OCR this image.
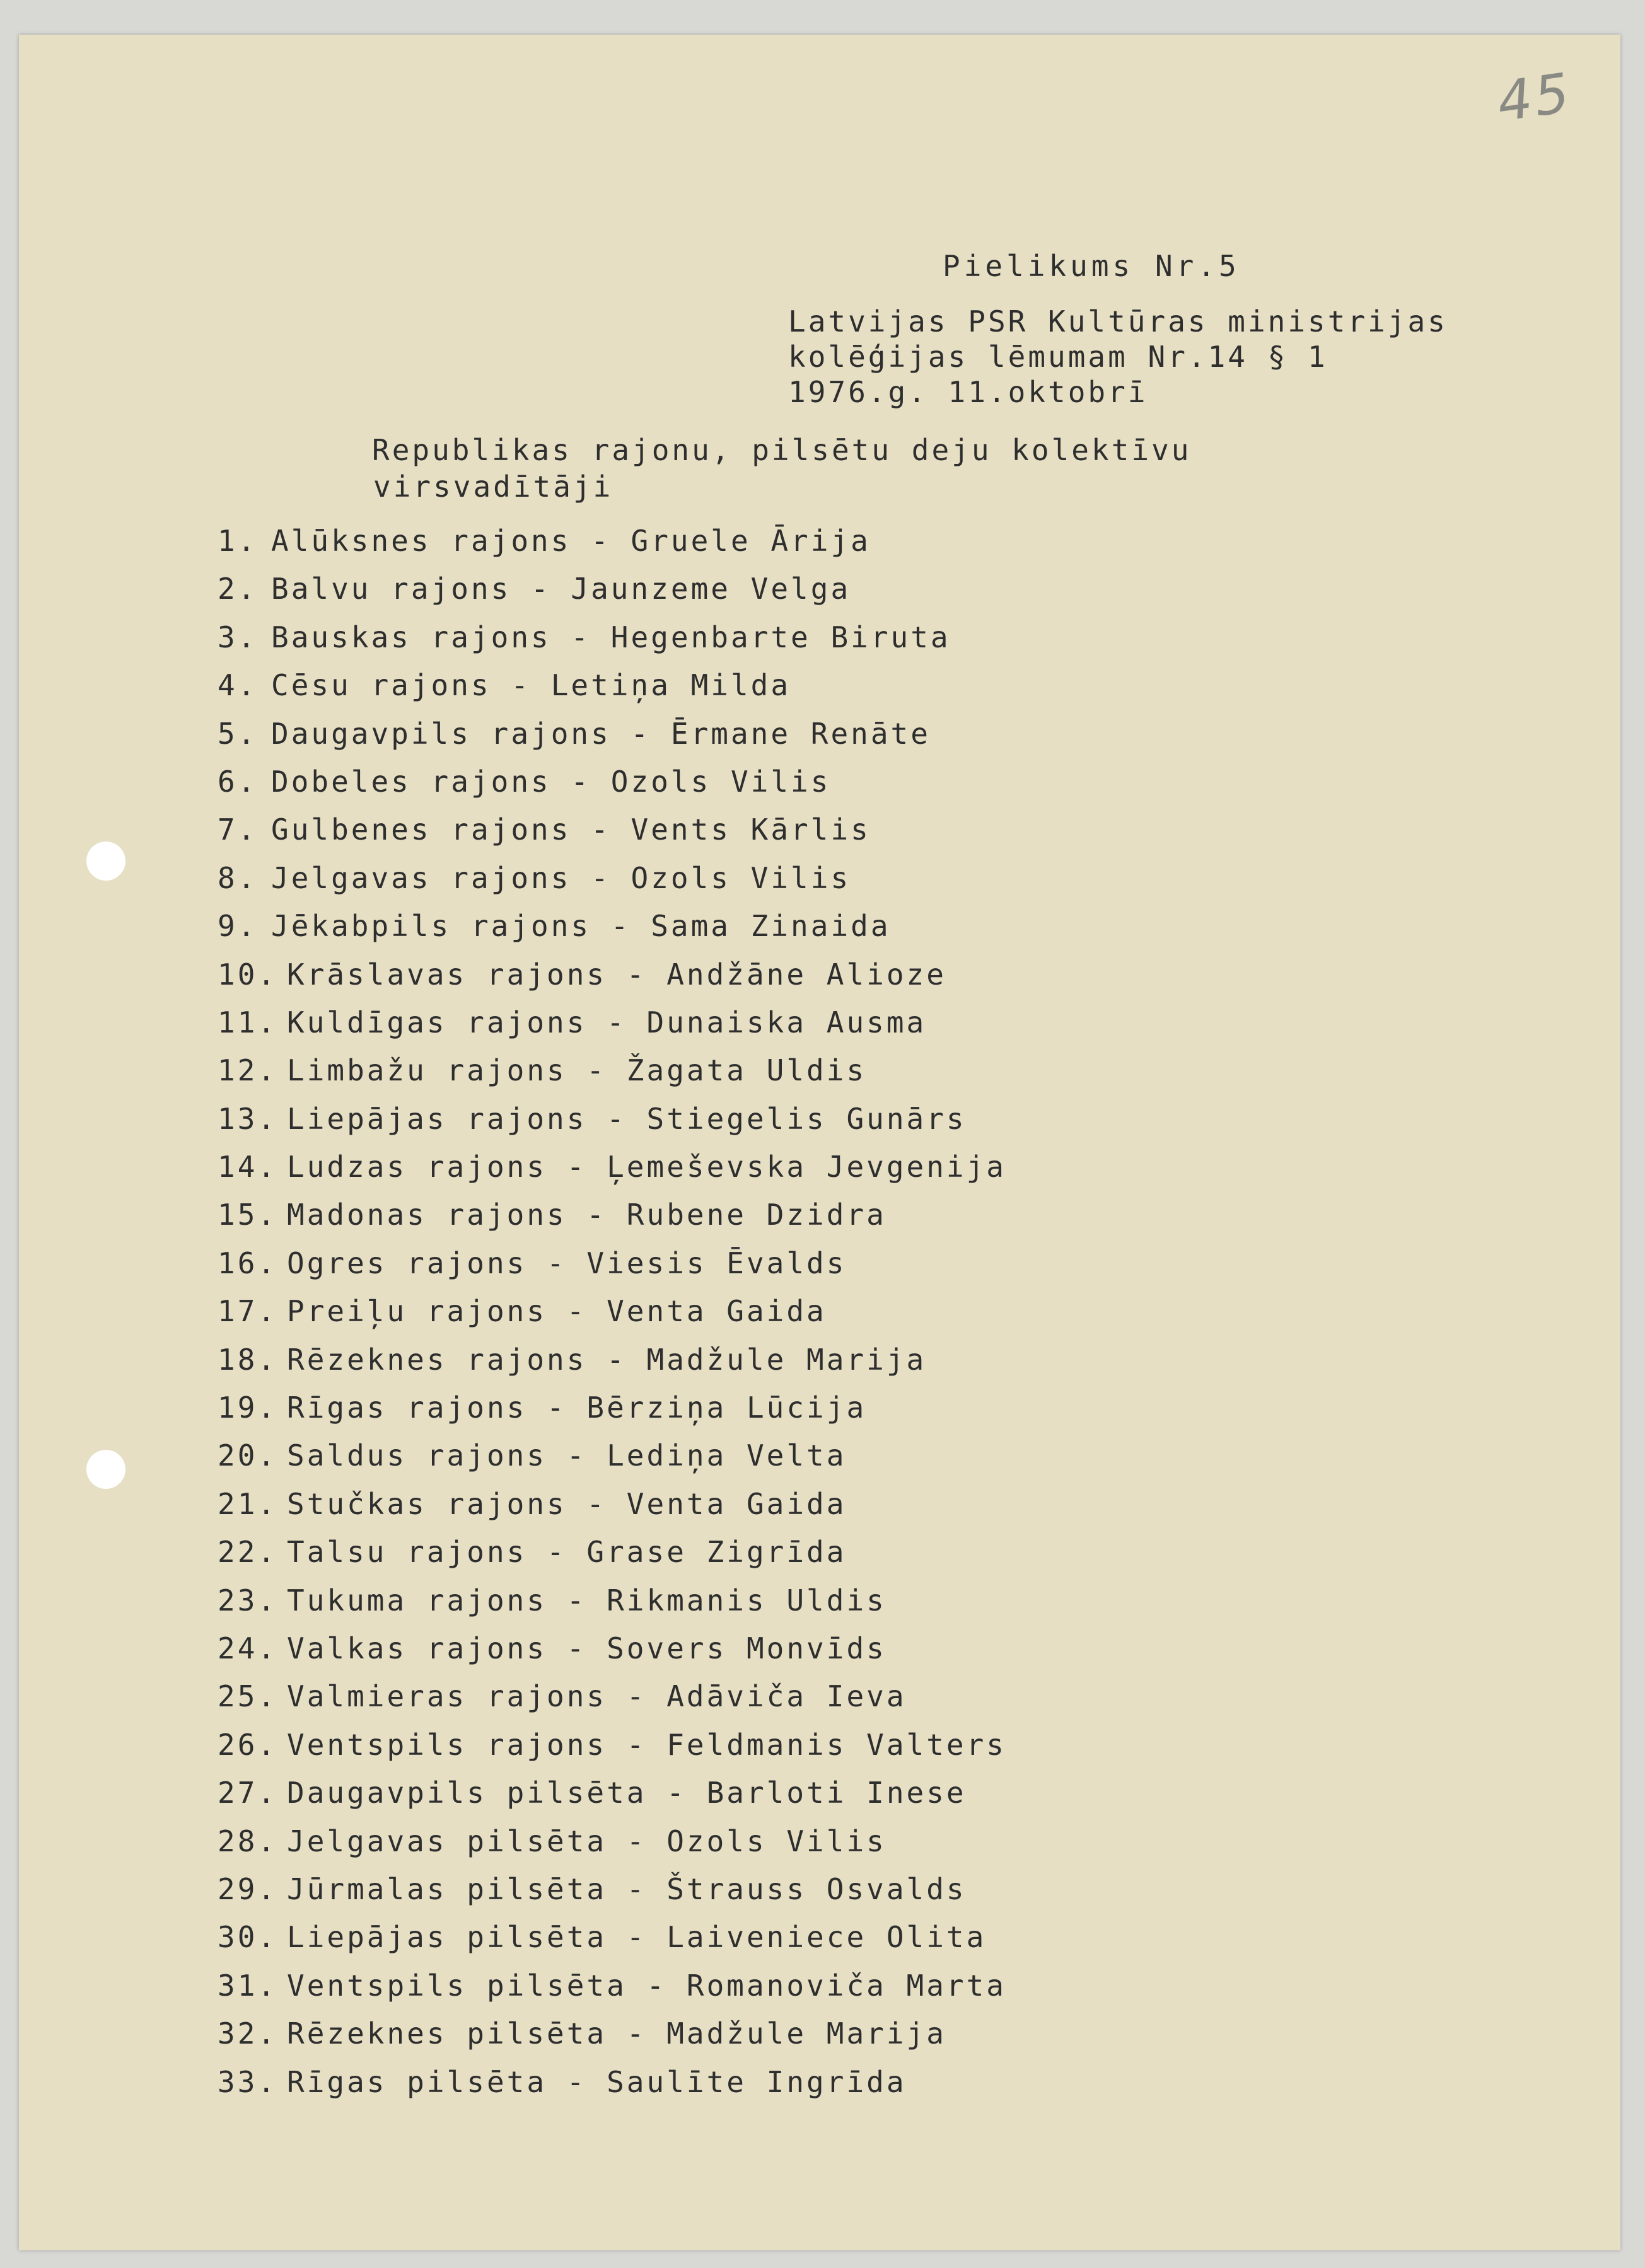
45
Pielikums Nr.5
Latvijas PSR Kultūras ministrijas
kolēģijas lēmumam Nr.14 § 1
1976.g. 11.oktobrī
Republikas rajonu, pilsētu deju kolektīvu
virsvadītāji
1. Alūksnes rajons - Gruele Ārija
2. Balvu rajons - Jaunzeme Velga
3. Bauskas rajons - Hegenbarte Biruta
4. Cēsu rajons - Letiņa Milda
5. Daugavpils rajons - Ērmane Renāte
6. Dobeles rajons - Ozols Vilis
7. Gulbenes rajons - Vents Kārlis
8. Jelgavas rajons - Ozols Vilis
9. Jēkabpils rajons - Sama Zinaida
10. Krāslavas rajons - Andžāne Alioze
11. Kuldīgas rajons - Dunaiska Ausma
12. Limbažu rajons - Žagata Uldis
13. Liepājas rajons - Stiegelis Gunārs
14. Ludzas rajons - Ļemeševska Jevgenija
15. Madonas rajons - Rubene Dzidra
16. Ogres rajons - Viesis Ēvalds
17. Preiļu rajons - Venta Gaida
18. Rēzeknes rajons - Madžule Marija
19. Rīgas rajons - Bērziņa Lūcija
20. Saldus rajons - Lediņa Velta
21. Stučkas rajons - Venta Gaida
22. Talsu rajons - Grase Zigrīda
23. Tukuma rajons - Rikmanis Uldis
24. Valkas rajons - Sovers Monvīds
25. Valmieras rajons - Adāviča Ieva
26. Ventspils rajons - Feldmanis Valters
27. Daugavpils pilsēta - Barloti Inese
28. Jelgavas pilsēta - Ozols Vilis
29. Jūrmalas pilsēta - Štrauss Osvalds
30. Liepājas pilsēta - Laiveniece Olita
31. Ventspils pilsēta - Romanoviča Marta
32. Rēzeknes pilsēta - Madžule Marija
33. Rīgas pilsēta - Saulīte Ingrīda
